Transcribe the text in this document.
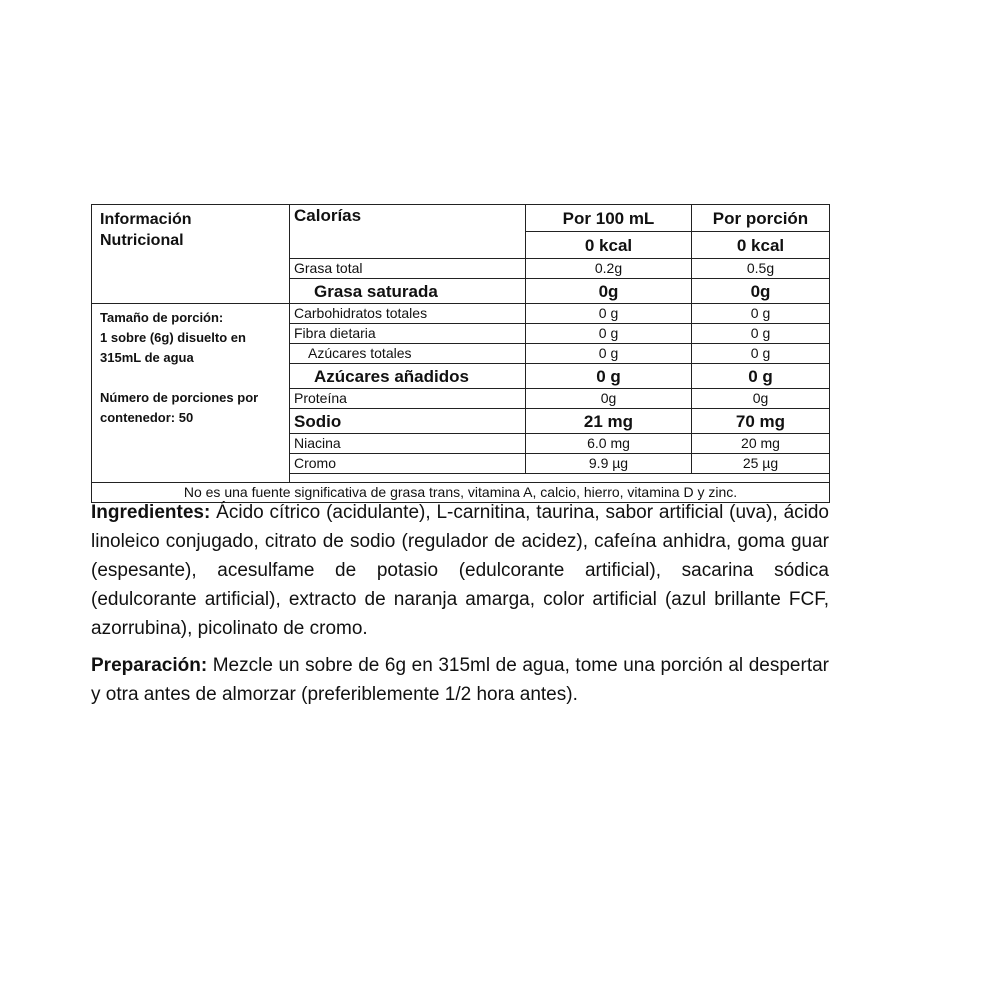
Información Nutricional	Calorías	Por 100 mL	Por porción
		0 kcal	0 kcal
	Grasa total	0.2g	0.5g
	Grasa saturada	0g	0g

Tamaño de porción:
1 sobre (6g) disuelto en 315mL de agua
Número de porciones por contenedor: 50	Carbohidratos totales	0 g	0 g
	Fibra dietaria	0 g	0 g
	Azúcares totales	0 g	0 g
	Azúcares añadidos	0 g	0 g
	Proteína	0g	0g
	Sodio	21 mg	70 mg
	Niacina	6.0 mg	20 mg
	Cromo	9.9 µg	25 µg

No es una fuente significativa de grasa trans, vitamina A, calcio, hierro, vitamina D y zinc.			

Ingredientes: Ácido cítrico (acidulante), L-carnitina, taurina, sabor artificial (uva), ácido linoleico conjugado, citrato de sodio (regulador de acidez), cafeína anhidra, goma guar (espesante), acesulfame de potasio (edulcorante artificial), sacarina sódica (edulcorante artificial), extracto de naranja amarga, color artificial (azul brillante FCF, azorrubina), picolinato de cromo.

Preparación: Mezcle un sobre de 6g en 315ml de agua, tome una porción al despertar y otra antes de almorzar (preferiblemente 1/2 hora antes).
